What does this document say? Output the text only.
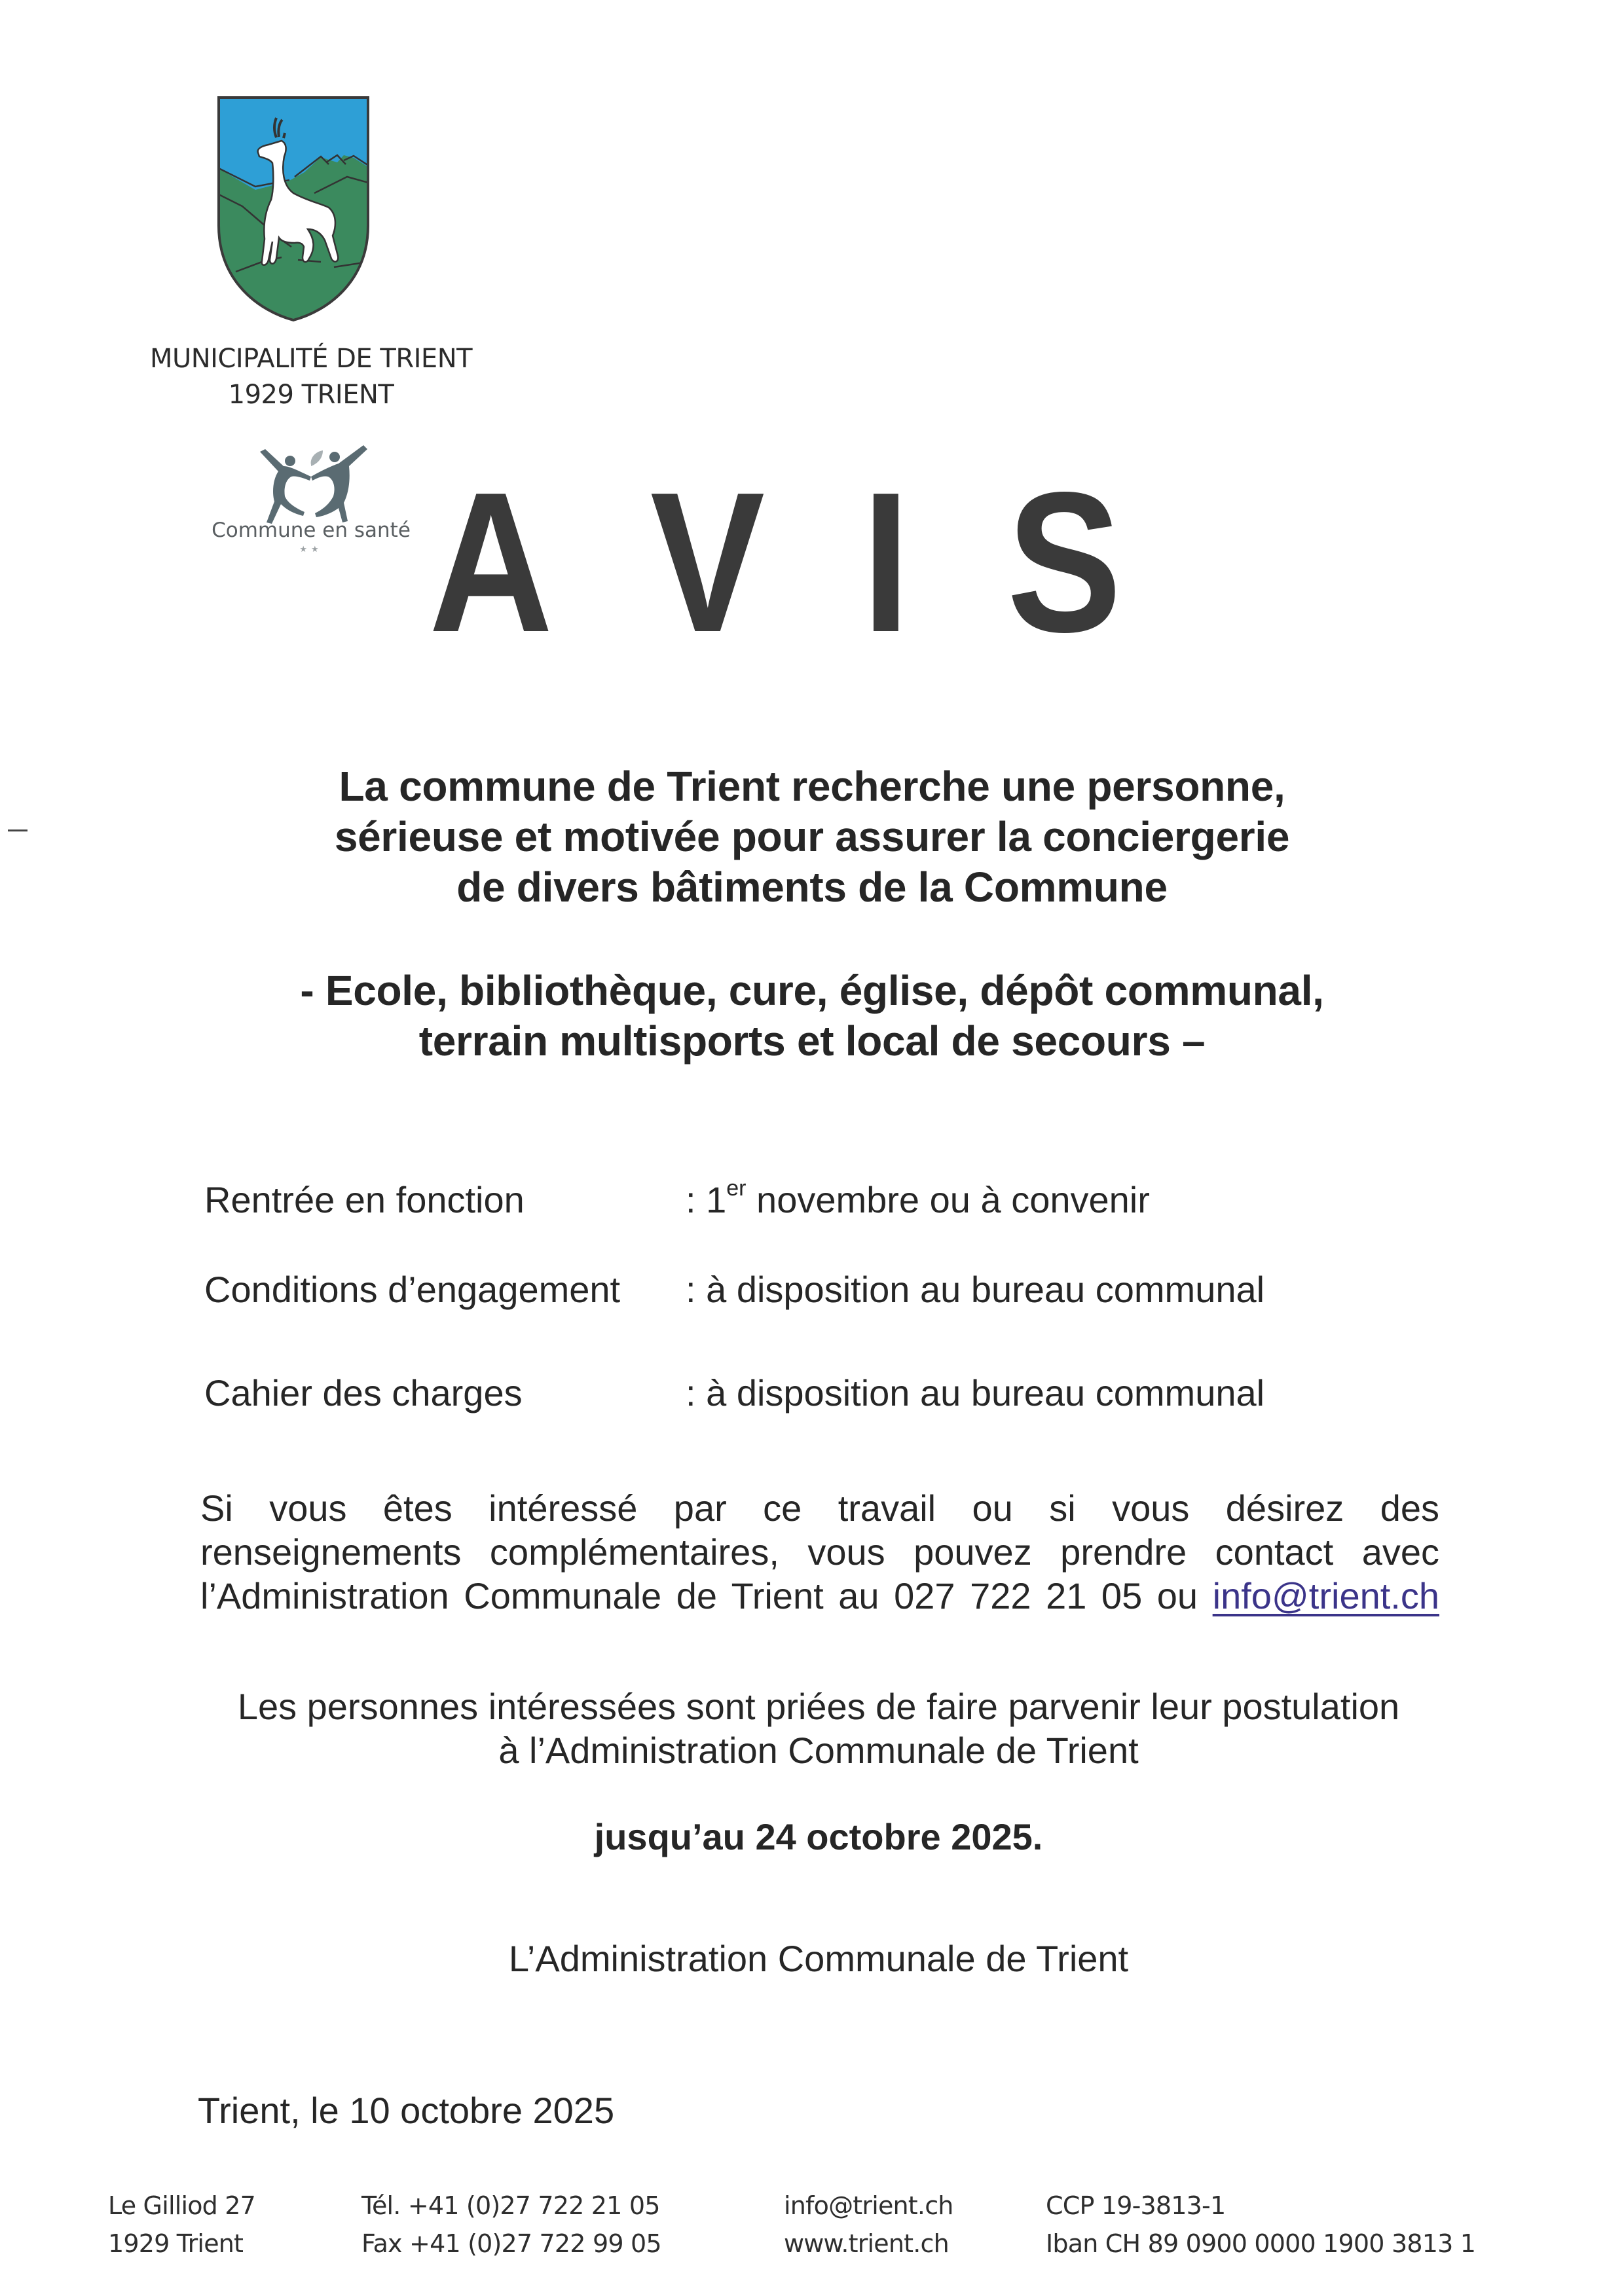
MUNICIPALITÉ DE TRIENT
1929 TRIENT
Commune en santé
★★ A V I S
La commune de Trient recherche une personne,
sérieuse et motivée pour assurer la conciergerie
de divers bâtiments de la Commune
- Ecole, bibliothèque, cure, église, dépôt communal,
terrain multisports et local de secours –
Rentrée en fonction	: 1er novembre ou à convenir
Conditions d’engagement : à disposition au bureau communal
Cahier des charges	: à disposition au bureau communal
Si vous êtes intéressé par ce travail ou si vous désirez des
renseignements complémentaires, vous pouvez prendre contact avec
l’Administration Communale de Trient au 027 722 21 05 ou info@trient.ch
Les personnes intéressées sont priées de faire parvenir leur postulation
à l’Administration Communale de Trient
jusqu’au 24 octobre 2025.
L’Administration Communale de Trient
Trient, le 10 octobre 2025
Le Gilliod 27
1929 Trient
Tél. +41 (0)27 722 21 05
Fax +41 (0)27 722 99 05
info@trient.ch
www.trient.ch
CCP 19-3813-1
Iban CH 89 0900 0000 1900 3813 1
